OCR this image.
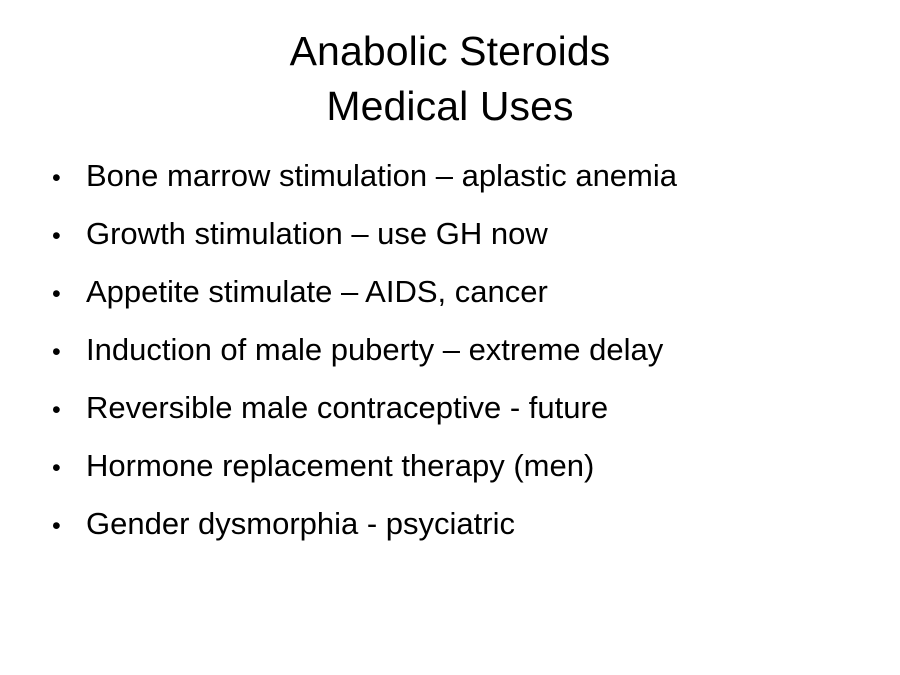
Anabolic Steroids
Medical Uses
• Bone marrow stimulation – aplastic anemia
• Growth stimulation – use GH now
• Appetite stimulate – AIDS, cancer
• Induction of male puberty – extreme delay
• Reversible male contraceptive - future
• Hormone replacement therapy (men)
• Gender dysmorphia - psyciatric
